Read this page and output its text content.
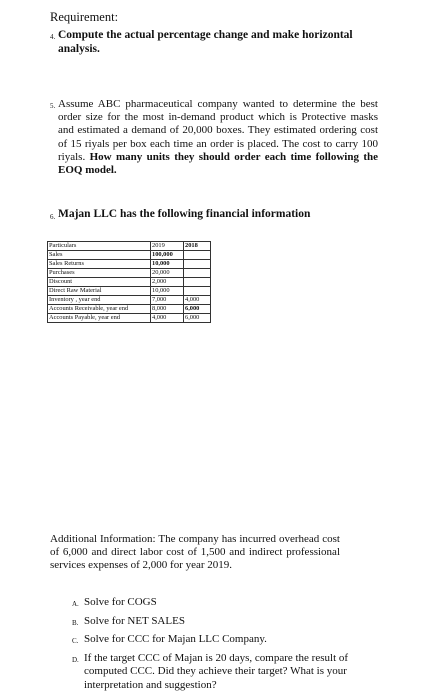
Requirement:
4. Compute the actual percentage change and make horizontal analysis.
5. Assume ABC pharmaceutical company wanted to determine the best order size for the most in-demand product which is Protective masks and estimated a demand of 20,000 boxes. They estimated ordering cost of 15 riyals per box each time an order is placed. The cost to carry 100 riyals. How many units they should order each time following the EOQ model.
6. Majan LLC has the following financial information
Particulars	2019	2018
Sales	100,000	
Sales Returns	10,000	
Purchases	20,000	
Discount	2,000	
Direct Raw Material	10,000	
Inventory , year end	7,000	4,000
Accounts Receivable, year end	8,000	6,000
Accounts Payable, year end	4,000	6,000
Additional Information: The company has incurred overhead cost of 6,000 and direct labor cost of 1,500 and indirect professional services expenses of 2,000 for year 2019.
A. Solve for COGS
B. Solve for NET SALES
C. Solve for CCC for Majan LLC Company.
D. If the target CCC of Majan is 20 days, compare the result of computed CCC. Did they achieve their target? What is your interpretation and suggestion?
